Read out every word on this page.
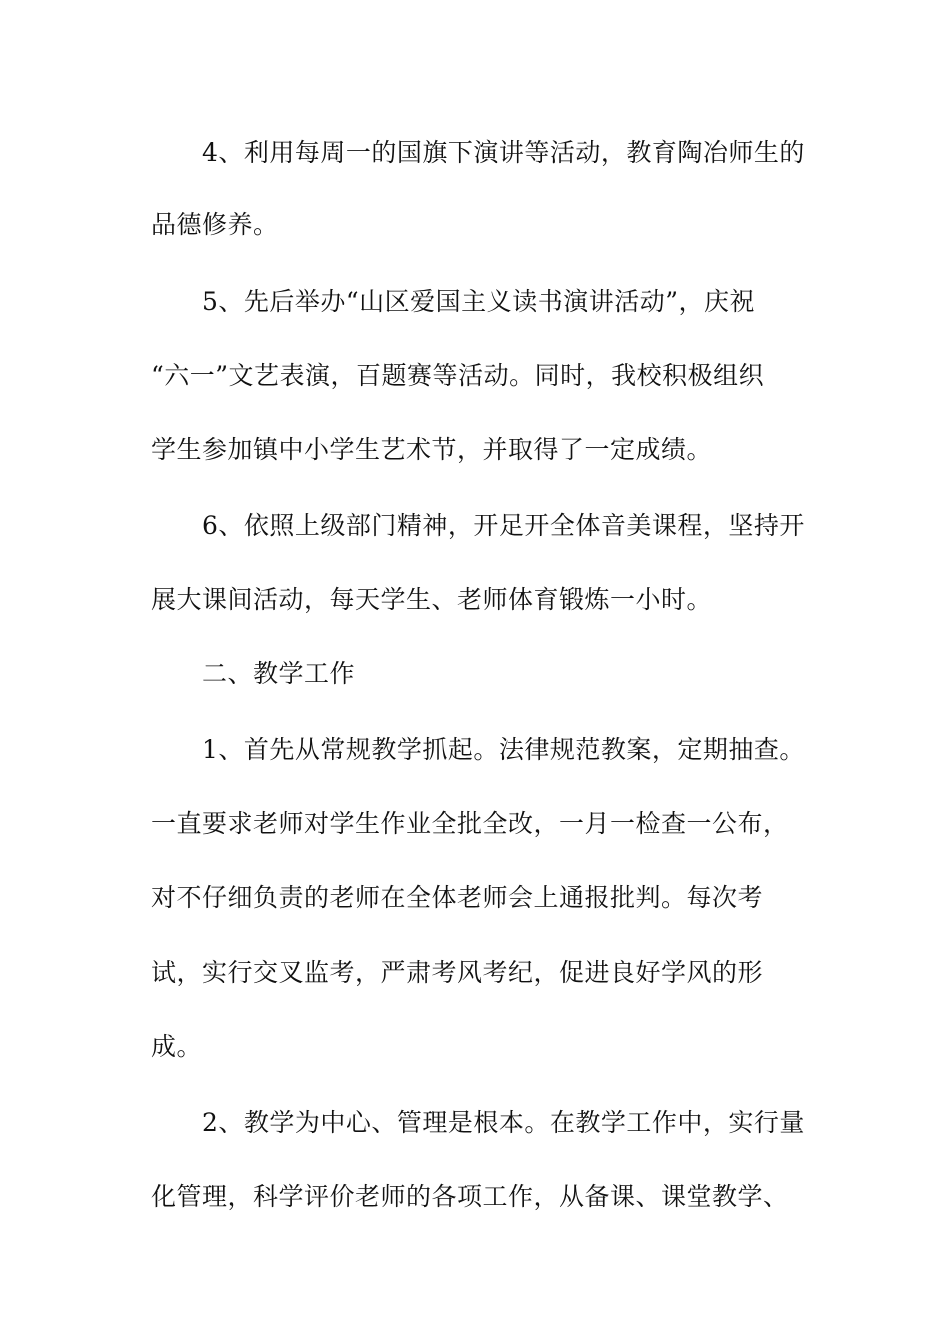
4、利用每周一的国旗下演讲等活动，教育陶冶师生的
品德修养。
5、先后举办“山区爱国主义读书演讲活动”，庆祝
“六一”文艺表演，百题赛等活动。同时，我校积极组织
学生参加镇中小学生艺术节，并取得了一定成绩。
6、依照上级部门精神，开足开全体音美课程，坚持开
展大课间活动，每天学生、老师体育锻炼一小时。
二、教学工作
1、首先从常规教学抓起。法律规范教案，定期抽查。
一直要求老师对学生作业全批全改，一月一检查一公布，
对不仔细负责的老师在全体老师会上通报批判。每次考
试，实行交叉监考，严肃考风考纪，促进良好学风的形
成。
2、教学为中心、管理是根本。在教学工作中，实行量
化管理，科学评价老师的各项工作，从备课、课堂教学、
